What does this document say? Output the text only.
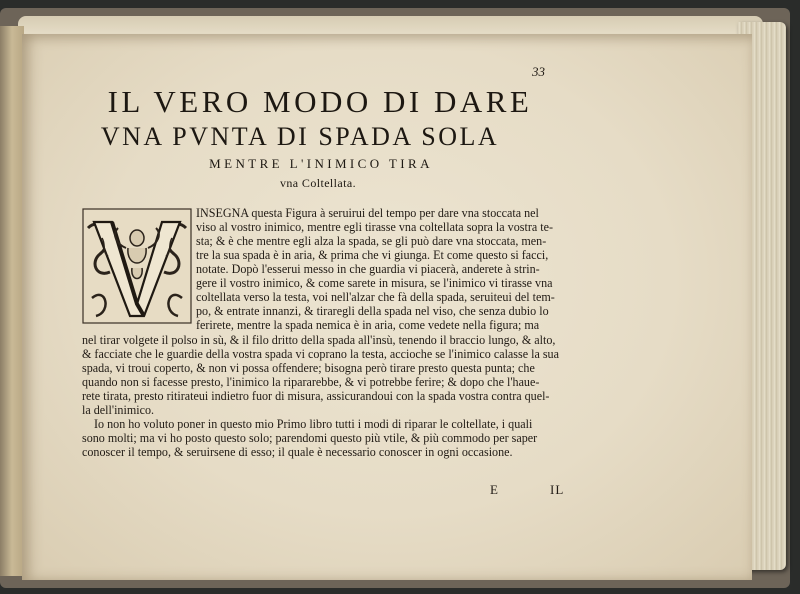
33
IL VERO MODO DI DARE
VNA PVNTA DI SPADA SOLA
MENTRE L'INIMICO TIRA
vna Coltellata.
INSEGNA questa Figura à seruirui del tempo per dare vna stoccata nel
viso al vostro inimico, mentre egli tirasse vna coltellata sopra la vostra te-
sta; & è che mentre egli alza la spada, se gli può dare vna stoccata, men-
tre la sua spada è in aria, & prima che vi giunga. Et come questo si facci,
notate. Dopò l'esserui messo in che guardia vi piacerà, anderete à strin-
gere il vostro inimico, & come sarete in misura, se l'inimico vi tirasse vna
coltellata verso la testa, voi nell'alzar che fà della spada, seruiteui del tem-
po, & entrate innanzi, & tiraregli della spada nel viso, che senza dubio lo
ferirete, mentre la spada nemica è in aria, come vedete nella figura; ma
nel tirar volgete il polso in sù, & il filo dritto della spada all'insù, tenendo il braccio lungo, & alto,
& facciate che le guardie della vostra spada vi coprano la testa, accioche se l'inimico calasse la sua
spada, vi troui coperto, & non vi possa offendere; bisogna però tirare presto questa punta; che
quando non si facesse presto, l'inimico la ripararebbe, & vi potrebbe ferire; & dopo che l'haue-
rete tirata, presto ritirateui indietro fuor di misura, assicurandoui con la spada vostra contra quel-
la dell'inimico.
Io non ho voluto poner in questo mio Primo libro tutti i modi di riparar le coltellate, i quali
sono molti; ma vi ho posto questo solo; parendomi questo più vtile, & più commodo per saper
conoscer il tempo, & seruirsene di esso; il quale è necessario conoscer in ogni occasione.
E	IL
